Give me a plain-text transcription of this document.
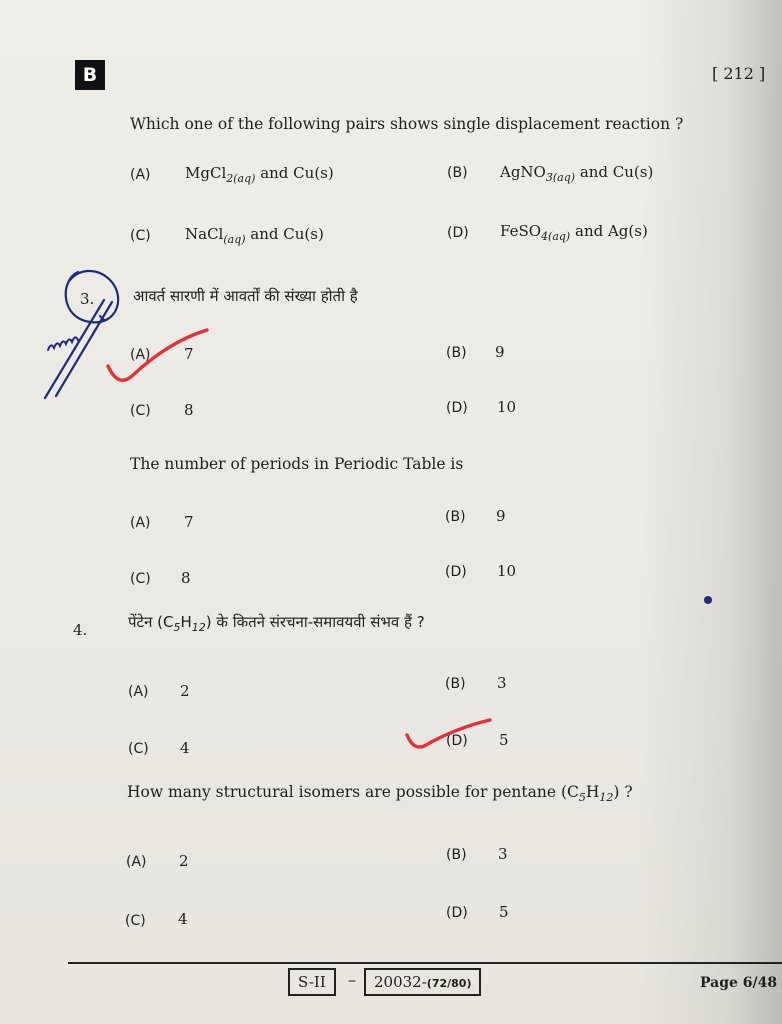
B	[ 212 ]
Which one of the following pairs shows single displacement reaction ?
(A) MgCl$_{2(aq)}$ and Cu(s)	(B) AgNO$_{3(aq)}$ and Cu(s)
(C) NaCl$_{(aq)}$ and Cu(s)	(D) FeSO$_{4(aq)}$ and Ag(s)
3.	आवर्त सारणी में आवर्तों की संख्या होती है
(A) 7	(B) 9
(C) 8	(D) 10
The number of periods in Periodic Table is
(A) 7	(B) 9
(C) 8	(D) 10
4.	पेंटेन $(C_5H_{12})$ के कितने संरचना-समावयवी संभव हैं ?
(A) 2	(B) 3
(C) 4	(D) 5
How many structural isomers are possible for pentane $(C_5H_{12})$ ?
(A) 2	(B) 3
(C) 4	(D) 5
S-II	–	20032-(72/80)	Page 6/48
